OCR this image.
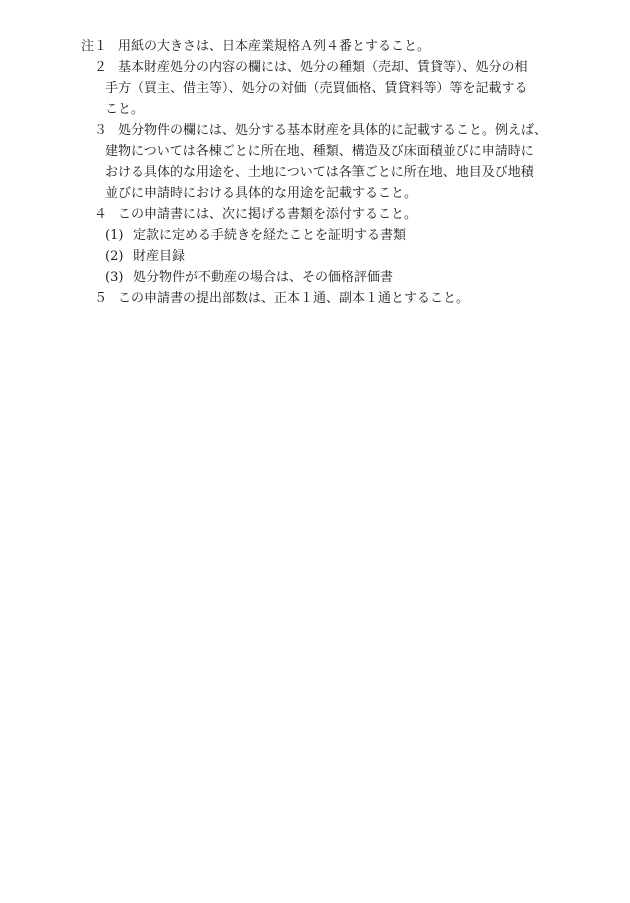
注１ 用紙の大きさは、日本産業規格Ａ列４番とすること。
２ 基本財産処分の内容の欄には、処分の種類（売却、賃貸等）、処分の相
手方（買主、借主等）、処分の対価（売買価格、賃貸料等）等を記載する
こと。
３ 処分物件の欄には、処分する基本財産を具体的に記載すること。例えば、
建物については各棟ごとに所在地、種類、構造及び床面積並びに申請時に
おける具体的な用途を、土地については各筆ごとに所在地、地目及び地積
並びに申請時における具体的な用途を記載すること。
４ この申請書には、次に掲げる書類を添付すること。
(1) 定款に定める手続きを経たことを証明する書類
(2) 財産目録
(3) 処分物件が不動産の場合は、その価格評価書
５ この申請書の提出部数は、正本１通、副本１通とすること。
